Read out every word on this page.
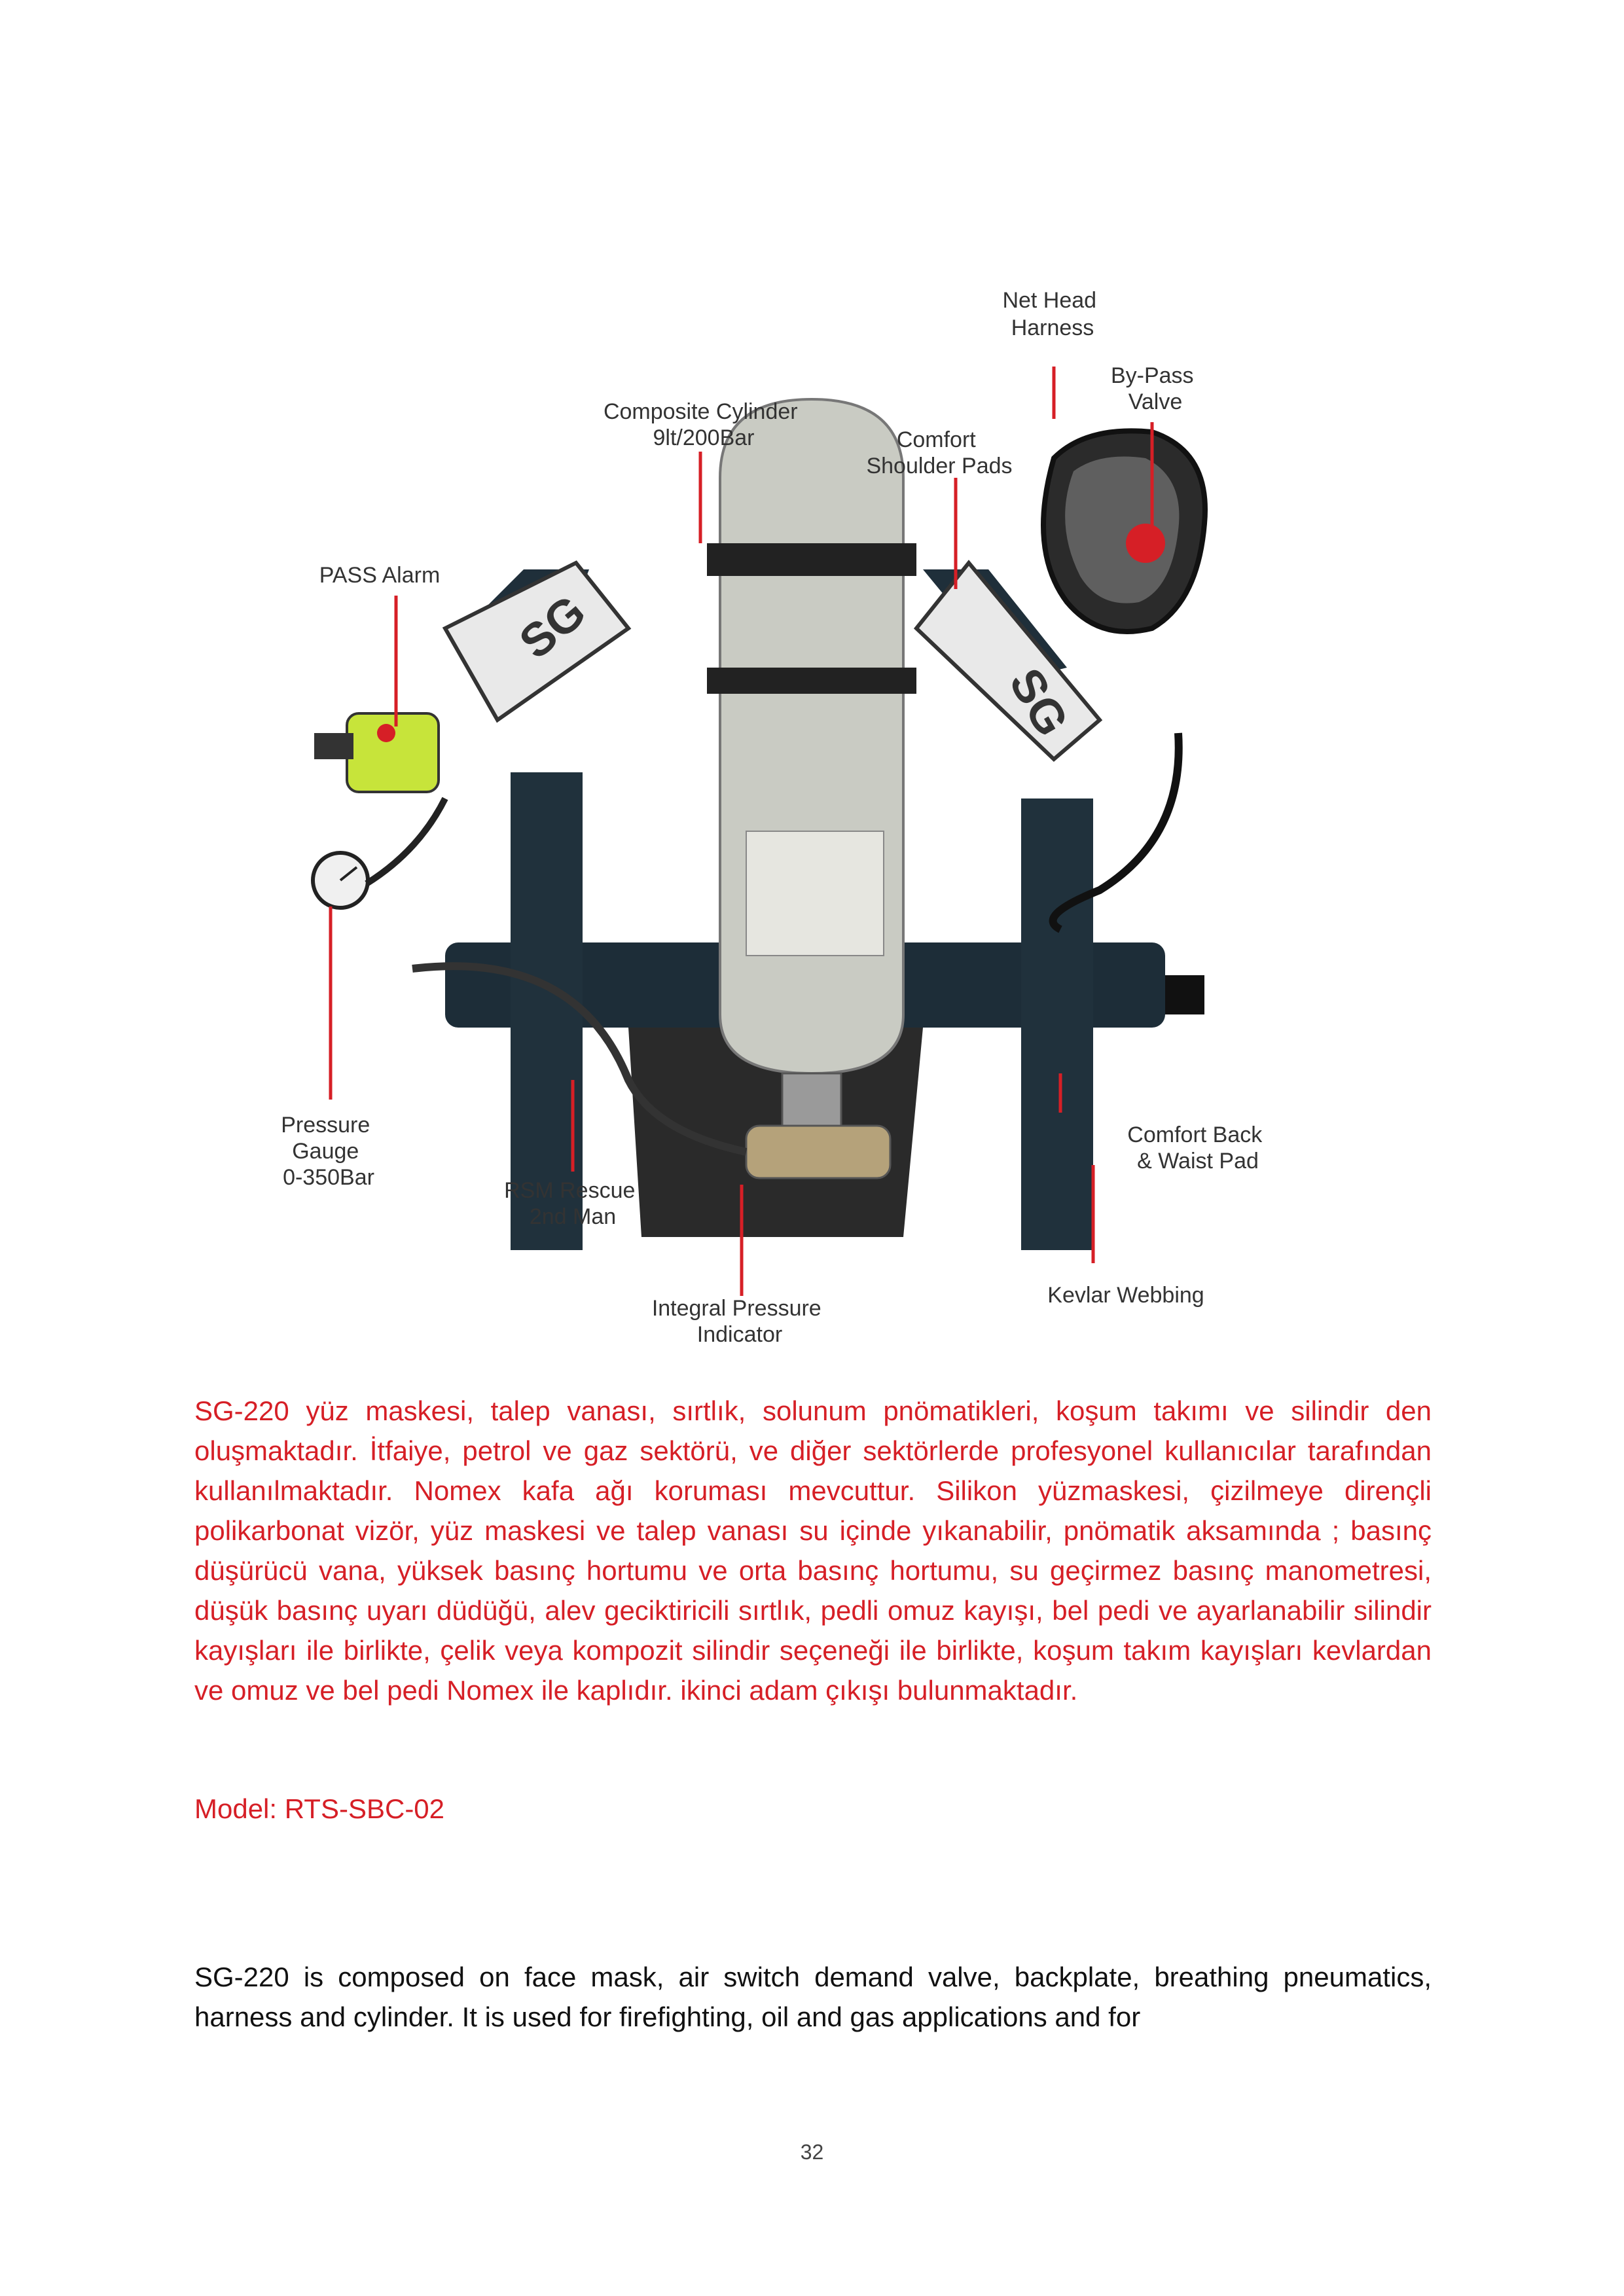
SG
SG
Net Head Harness
By-Pass Valve
Composite Cylinder 9lt/200Bar	Comfort Shoulder Pads
PASS Alarm
Pressure Gauge 0-350Bar
RSM Rescue 2nd Man
Comfort Back & Waist Pad
Kevlar Webbing
Integral Pressure Indicator

SG-220 yüz maskesi, talep vanası, sırtlık, solunum pnömatikleri, koşum takımı ve silindir den oluşmaktadır. İtfaiye, petrol ve gaz sektörü, ve diğer sektörlerde profesyonel kullanıcılar tarafından kullanılmaktadır. Nomex kafa ağı koruması mevcuttur. Silikon yüzmaskesi, çizilmeye dirençli polikarbonat vizör, yüz maskesi ve talep vanası su içinde yıkanabilir, pnömatik aksamında ; basınç düşürücü vana, yüksek basınç hortumu ve orta basınç hortumu, su geçirmez basınç manometresi, düşük basınç uyarı düdüğü, alev geciktiricili sırtlık, pedli omuz kayışı, bel pedi ve ayarlanabilir silindir kayışları ile birlikte, çelik veya kompozit silindir seçeneği ile birlikte, koşum takım kayışları kevlardan ve omuz ve bel pedi Nomex ile kaplıdır. ikinci adam çıkışı bulunmaktadır.

Model: RTS-SBC-02

SG-220 is composed on face mask, air switch demand valve, backplate, breathing pneumatics, harness and cylinder. It is used for firefighting, oil and gas applications and for

32
